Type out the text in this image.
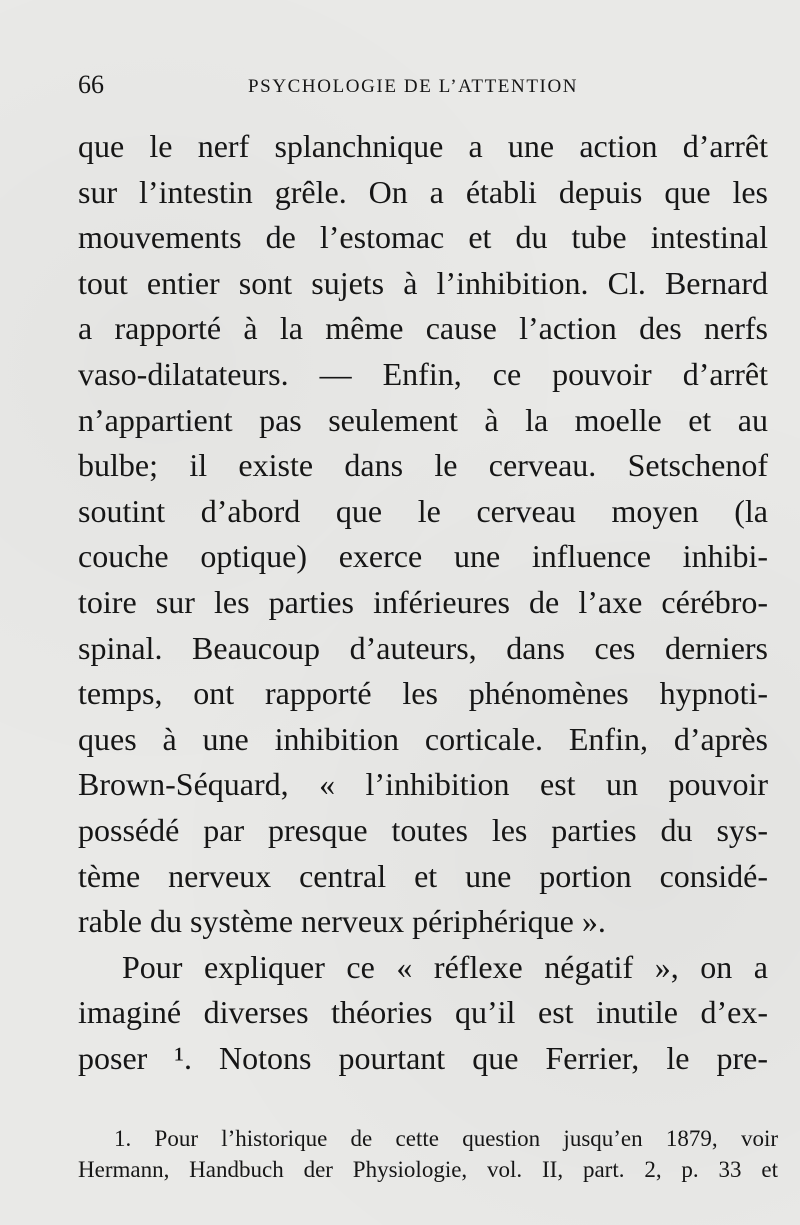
66	PSYCHOLOGIE DE L’ATTENTION
que le nerf splanchnique a une action d’arrêt
sur l’intestin grêle. On a établi depuis que les
mouvements de l’estomac et du tube intestinal
tout entier sont sujets à l’inhibition. Cl. Bernard
a rapporté à la même cause l’action des nerfs
vaso-dilatateurs. — Enfin, ce pouvoir d’arrêt
n’appartient pas seulement à la moelle et au
bulbe; il existe dans le cerveau. Setschenof
soutint d’abord que le cerveau moyen (la
couche optique) exerce une influence inhibi-
toire sur les parties inférieures de l’axe cérébro-
spinal. Beaucoup d’auteurs, dans ces derniers
temps, ont rapporté les phénomènes hypnoti-
ques à une inhibition corticale. Enfin, d’après
Brown-Séquard, « l’inhibition est un pouvoir
possédé par presque toutes les parties du sys-
tème nerveux central et une portion considé-
rable du système nerveux périphérique ».
Pour expliquer ce « réflexe négatif », on a
imaginé diverses théories qu’il est inutile d’ex-
poser ¹. Notons pourtant que Ferrier, le pre-
1. Pour l’historique de cette question jusqu’en 1879, voir
Hermann, Handbuch der Physiologie, vol. II, part. 2, p. 33 et
